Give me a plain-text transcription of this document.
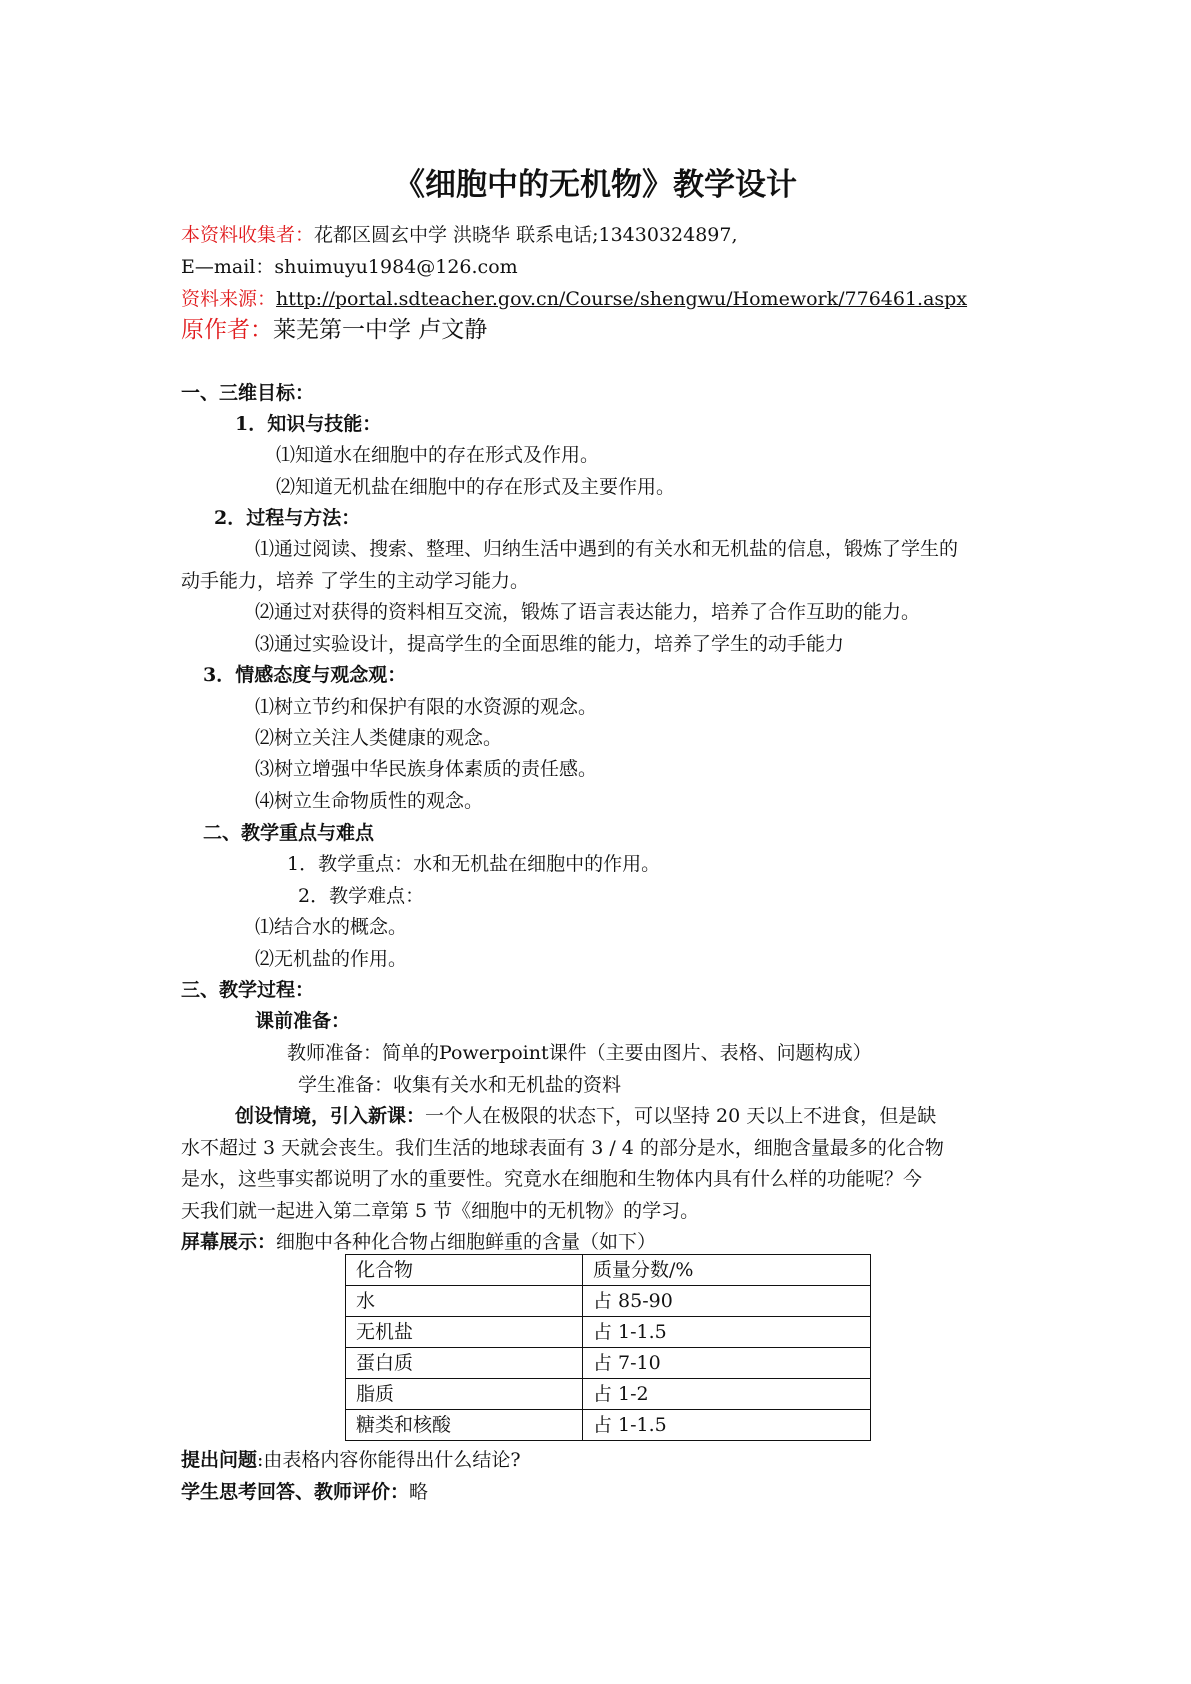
《细胞中的无机物》教学设计
本资料收集者：花都区圆玄中学 洪晓华 联系电话;13430324897,
E—mail：shuimuyu1984@126.com
资料来源：http://portal.sdteacher.gov.cn/Course/shengwu/Homework/776461.aspx
原作者：莱芜第一中学 卢文静
一、三维目标：
1．知识与技能：
⑴知道水在细胞中的存在形式及作用。
⑵知道无机盐在细胞中的存在形式及主要作用。
2．过程与方法：
⑴通过阅读、搜索、整理、归纳生活中遇到的有关水和无机盐的信息，锻炼了学生的
动手能力，培养 了学生的主动学习能力。
⑵通过对获得的资料相互交流，锻炼了语言表达能力，培养了合作互助的能力。
⑶通过实验设计，提高学生的全面思维的能力，培养了学生的动手能力
3．情感态度与观念观：
⑴树立节约和保护有限的水资源的观念。
⑵树立关注人类健康的观念。
⑶树立增强中华民族身体素质的责任感。
⑷树立生命物质性的观念。
二、教学重点与难点
1．教学重点：水和无机盐在细胞中的作用。
2．教学难点：
⑴结合水的概念。
⑵无机盐的作用。
三、教学过程：
课前准备：
教师准备：简单的Powerpoint课件（主要由图片、表格、问题构成）
学生准备：收集有关水和无机盐的资料
创设情境，引入新课：一个人在极限的状态下，可以坚持 20 天以上不进食，但是缺
水不超过 3 天就会丧生。我们生活的地球表面有 3 / 4 的部分是水，细胞含量最多的化合物
是水，这些事实都说明了水的重要性。究竟水在细胞和生物体内具有什么样的功能呢？今
天我们就一起进入第二章第 5 节《细胞中的无机物》的学习。
屏幕展示：细胞中各种化合物占细胞鲜重的含量（如下）
化合物	质量分数/%
水	占 85-90
无机盐	占 1-1.5
蛋白质	占 7-10
脂质	占 1-2
糖类和核酸	占 1-1.5
提出问题:由表格内容你能得出什么结论?
学生思考回答、教师评价：略
